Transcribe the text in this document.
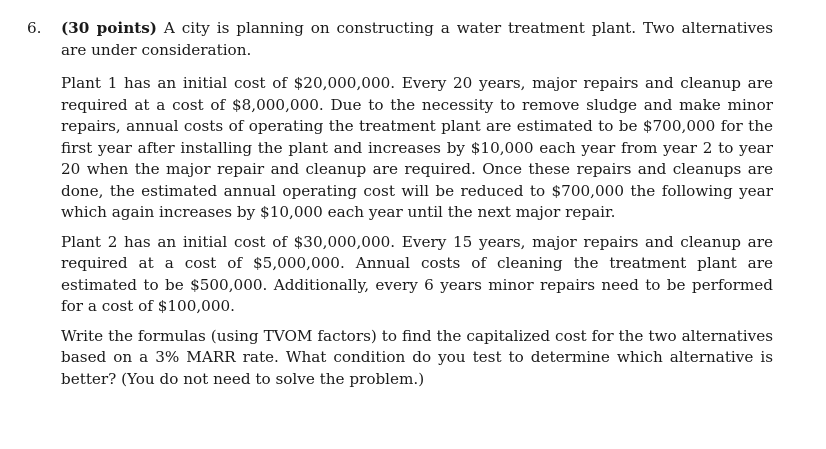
6.	(30 points) A city is planning on constructing a water treatment plant. Two alternatives are under consideration.

Plant 1 has an initial cost of $20,000,000. Every 20 years, major repairs and cleanup are required at a cost of $8,000,000. Due to the necessity to remove sludge and make minor repairs, annual costs of operating the treatment plant are estimated to be $700,000 for the first year after installing the plant and increases by $10,000 each year from year 2 to year 20 when the major repair and cleanup are required. Once these repairs and cleanups are done, the estimated annual operating cost will be reduced to $700,000 the following year which again increases by $10,000 each year until the next major repair.

Plant 2 has an initial cost of $30,000,000. Every 15 years, major repairs and cleanup are required at a cost of $5,000,000. Annual costs of cleaning the treatment plant are estimated to be $500,000. Additionally, every 6 years minor repairs need to be performed for a cost of $100,000.

Write the formulas (using TVOM factors) to find the capitalized cost for the two alternatives based on a 3% MARR rate. What condition do you test to determine which alternative is better? (You do not need to solve the problem.)
